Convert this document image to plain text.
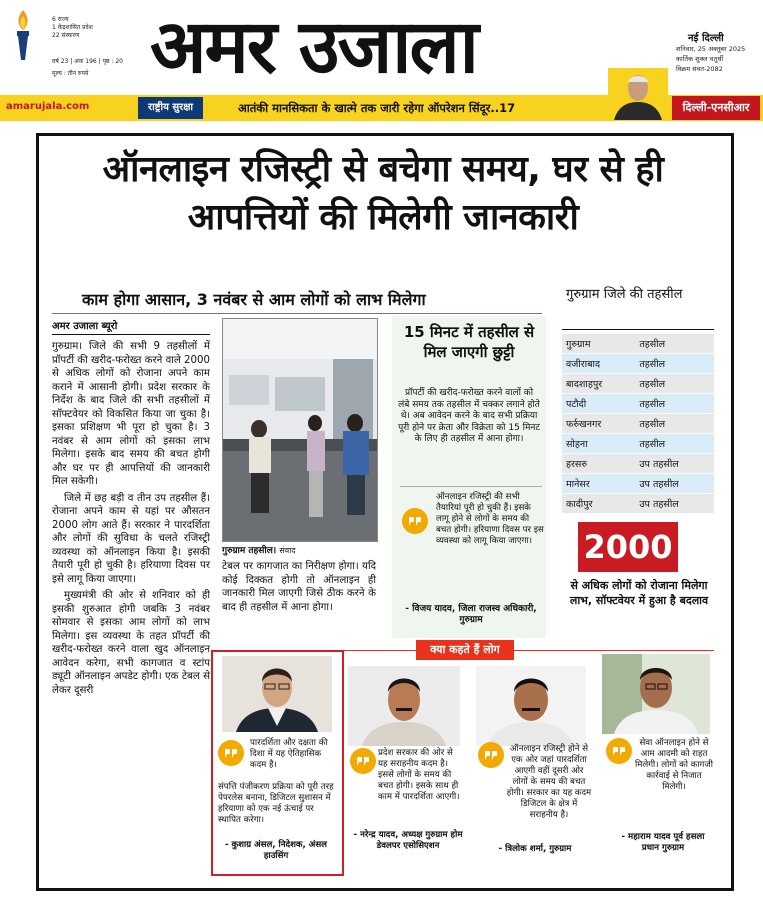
6 राज्य
1 केंद्रशासित प्रदेश
22 संस्करण
वर्ष 23 | अंक 196 | पृष्ठ : 20
मूल्य : तीन रुपये अमर उजाला	नई दिल्ली
शनिवार, 25 अक्तूबर 2025
कार्तिक शुक्ल चतुर्थी
विक्रम संवत-2082
amarujala.com	राष्ट्रीय सुरक्षा	आतंकी मानसिकता के खात्मे तक जारी रहेगा ऑपरेशन सिंदूर..17	दिल्ली-एनसीआर
ऑनलाइन रजिस्ट्री से बचेगा समय, घर से ही आपत्तियों की मिलेगी जानकारी
काम होगा आसान, 3 नवंबर से आम लोगों को लाभ मिलेगा
अमर उजाला ब्यूरो
गुरुग्राम। जिले की सभी 9 तहसीलों में प्रॉपर्टी की खरीद-फरोख्त करने वाले 2000 से अधिक लोगों को रोजाना अपने काम कराने में आसानी होगी। प्रदेश सरकार के निर्देश के बाद जिले की सभी तहसीलों में सॉफ्टवेयर को विकसित किया जा चुका है। इसका प्रशिक्षण भी पूरा हो चुका है। 3 नवंबर से आम लोगों को इसका लाभ मिलेगा। इसके बाद समय की बचत होगी और घर पर ही आपत्तियों की जानकारी मिल सकेगी।
जिले में छह बड़ी व तीन उप तहसील हैं। रोजाना अपने काम से यहां पर औसतन 2000 लोग आते हैं। सरकार ने पारदर्शिता और लोगों की सुविधा के चलते रजिस्ट्री व्यवस्था को ऑनलाइन किया है। इसकी तैयारी पूरी हो चुकी है। हरियाणा दिवस पर इसे लागू किया जाएगा।
मुख्यमंत्री की ओर से शनिवार को ही इसकी शुरुआत होगी जबकि 3 नवंबर सोमवार से इसका आम लोगों को लाभ मिलेगा। इस व्यवस्था के तहत प्रॉपर्टी की खरीद-फरोख्त करने वाला खुद ऑनलाइन आवेदन करेगा, सभी कागजात व स्टांप ड्यूटी ऑनलाइन अपडेट होगी। एक टेबल से लेकर दूसरी
गुरुग्राम तहसील। संवाद
टेबल पर कागजात का निरीक्षण होगा। यदि कोई दिक्कत होगी तो ऑनलाइन ही जानकारी मिल जाएगी जिसे ठीक करने के बाद ही तहसील में आना होगा।
15 मिनट में तहसील से मिल जाएगी छुट्टी
प्रॉपर्टी की खरीद-फरोख्त करने वालों को लंबे समय तक तहसील में चक्कर लगाने होते थे। अब आवेदन करने के बाद सभी प्रक्रिया पूरी होने पर क्रेता और विक्रेता को 15 मिनट के लिए ही तहसील में आना होगा।
ऑनलाइन रजिस्ट्री की सभी तैयारियां पूरी हो चुकी हैं। इसके लागू होने से लोगों के समय की बचत होगी। हरियाणा दिवस पर इस व्यवस्था को लागू किया जाएगा।
- विजय यादव, जिला राजस्व अधिकारी, गुरुग्राम
गुरुग्राम जिले की तहसील
गुरुग्राम	तहसील
वजीराबाद	तहसील
बादशाहपुर	तहसील
पटौदी	तहसील
फर्रुखनगर	तहसील
सोहना	तहसील
हरसरु	उप तहसील
मानेसर	उप तहसील
कादीपुर	उप तहसील
2000
से अधिक लोगों को रोजाना मिलेगा लाभ, सॉफ्टवेयर में हुआ है बदलाव
क्या कहते हैं लोग
पारदर्शिता और दक्षता की दिशा में यह ऐतिहासिक कदम है।
संपत्ति पंजीकरण प्रक्रिया को पूरी तरह पेपरलेस बनाना, डिजिटल सुशासन में हरियाणा को एक नई ऊंचाई पर स्थापित करेगा।
- कुशाग्र अंसल, निदेशक, अंसल हाउसिंग
प्रदेश सरकार की ओर से यह सराहनीय कदम है। इससे लोगों के समय की बचत होगी। इसके साथ ही काम में पारदर्शिता आएगी।
- नरेन्द्र यादव, अध्यक्ष गुरुग्राम होम डेवलपर एसोसिएशन
ऑनलाइन रजिस्ट्री होने से एक ओर जहां पारदर्शिता आएगी वहीं दूसरी ओर लोगों के समय की बचत होगी। सरकार का यह कदम डिजिटल के क्षेत्र में सराहनीय है।
- त्रिलोक शर्मा, गुरुग्राम
सेवा ऑनलाइन होने से आम आदमी को राहत मिलेगी। लोगों को कागजी कार्रवाई से निजात मिलेगी।
- महाराम यादव पूर्व हसला प्रधान गुरुग्राम
